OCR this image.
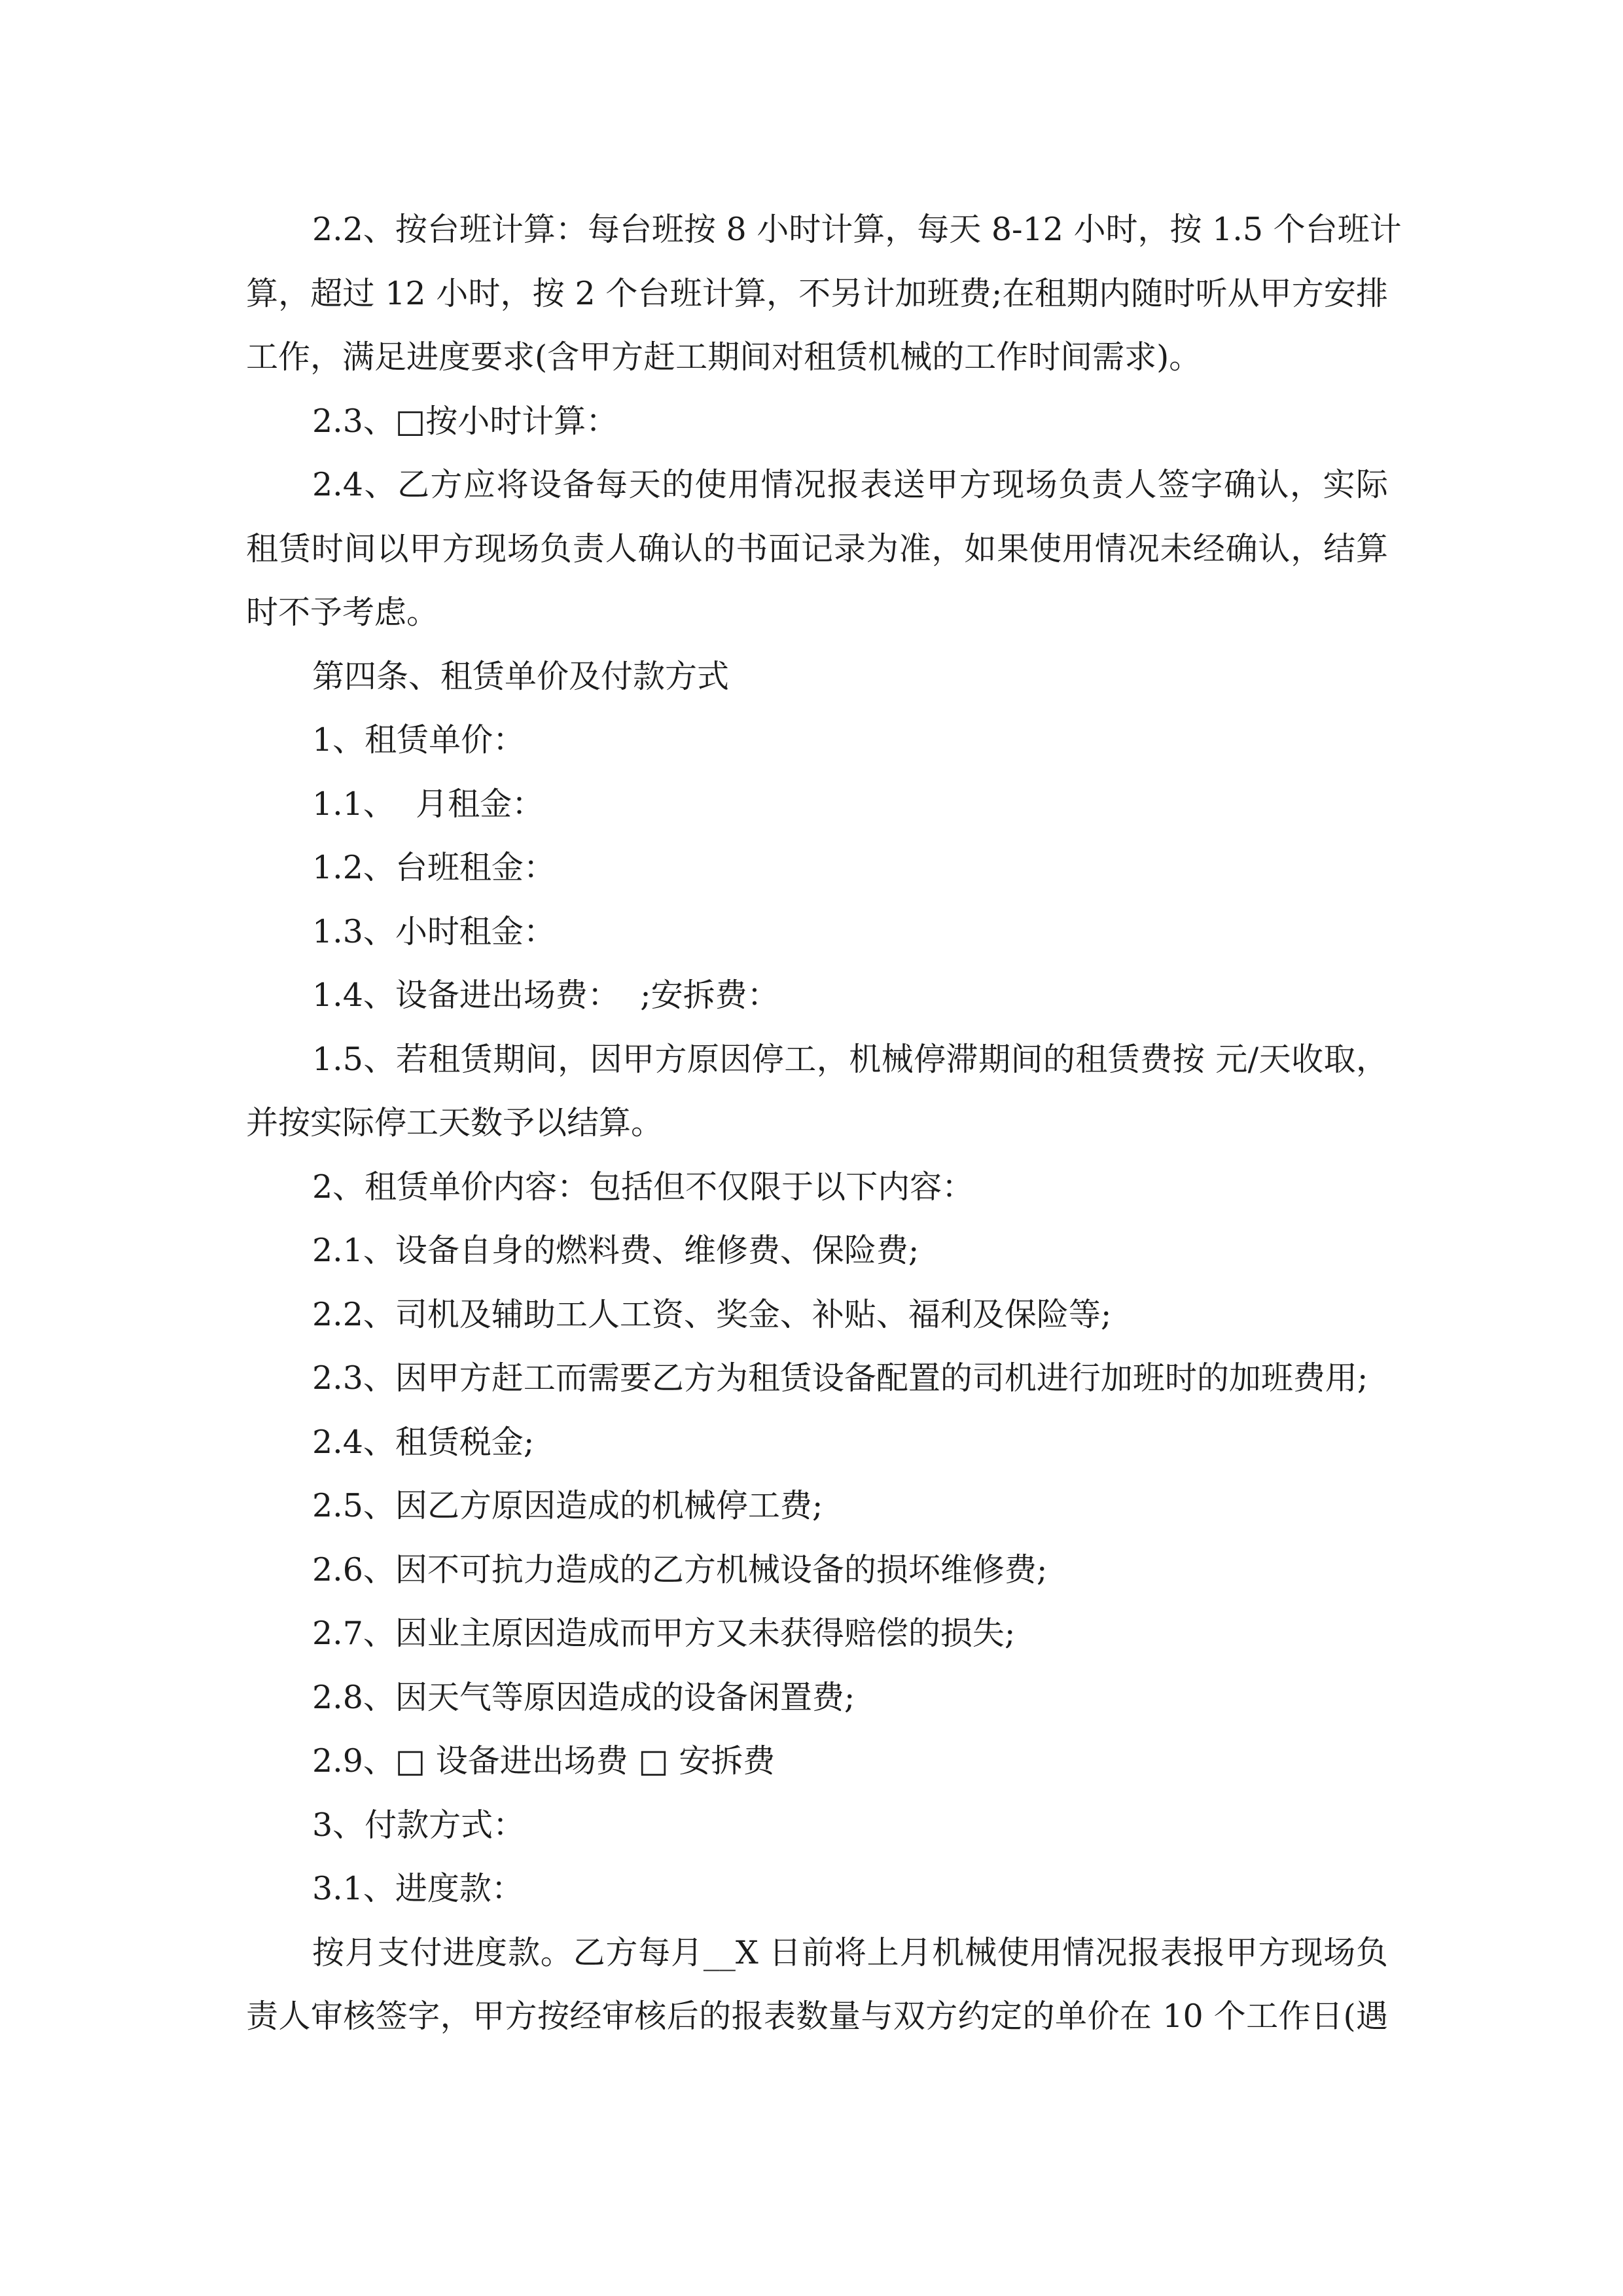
2.2、按台班计算：每台班按 8 小时计算，每天 8-12 小时，按 1.5 个台班计
算，超过 12 小时，按 2 个台班计算，不另计加班费;在租期内随时听从甲方安排
工作，满足进度要求(含甲方赶工期间对租赁机械的工作时间需求)。
2.3、□按小时计算：
2.4、乙方应将设备每天的使用情况报表送甲方现场负责人签字确认，实际
租赁时间以甲方现场负责人确认的书面记录为准，如果使用情况未经确认，结算
时不予考虑。
第四条、租赁单价及付款方式
1、租赁单价：
1.1、  月租金：
1.2、台班租金：
1.3、小时租金：
1.4、设备进出场费：  ;安拆费：
1.5、若租赁期间，因甲方原因停工，机械停滞期间的租赁费按 元/天收取，
并按实际停工天数予以结算。
2、租赁单价内容：包括但不仅限于以下内容：
2.1、设备自身的燃料费、维修费、保险费;
2.2、司机及辅助工人工资、奖金、补贴、福利及保险等;
2.3、因甲方赶工而需要乙方为租赁设备配置的司机进行加班时的加班费用;
2.4、租赁税金;
2.5、因乙方原因造成的机械停工费;
2.6、因不可抗力造成的乙方机械设备的损坏维修费;
2.7、因业主原因造成而甲方又未获得赔偿的损失;
2.8、因天气等原因造成的设备闲置费;
2.9、□ 设备进出场费 □ 安拆费
3、付款方式：
3.1、进度款：
按月支付进度款。乙方每月__X 日前将上月机械使用情况报表报甲方现场负
责人审核签字，甲方按经审核后的报表数量与双方约定的单价在 10 个工作日(遇
